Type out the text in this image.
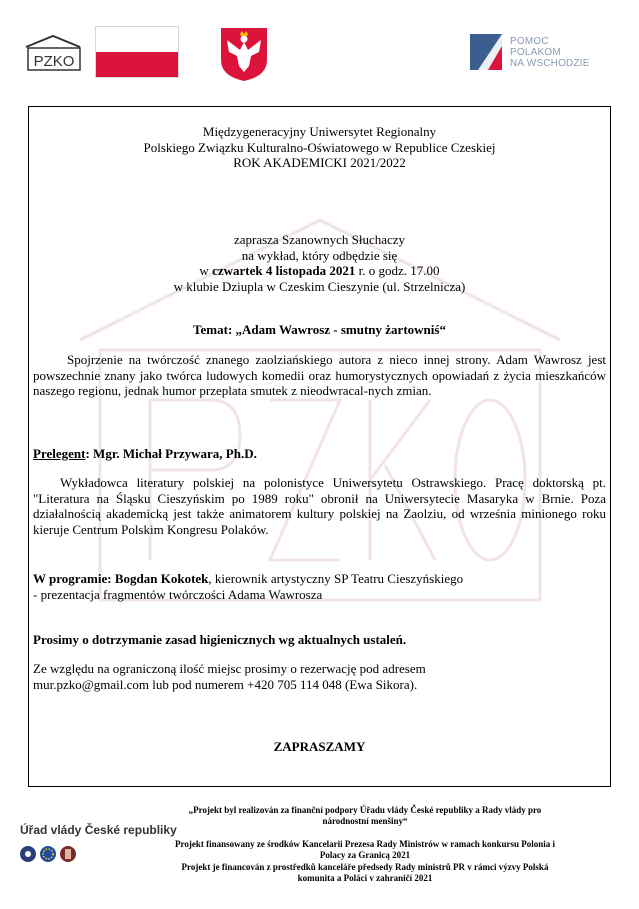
PZKO
POMOC
POLAKOM
NA WSCHODZIE
Międzygeneracyjny Uniwersytet Regionalny
Polskiego Związku Kulturalno-Oświatowego w Republice Czeskiej
ROK AKADEMICKI 2021/2022
zaprasza Szanownych Słuchaczy
na wykład, który odbędzie się
w czwartek 4 listopada 2021 r. o godz. 17.00
w klubie Dziupla w Czeskim Cieszynie (ul. Strzelnicza)
Temat: „Adam Wawrosz - smutny żartowniś“
Spojrzenie na twórczość znanego zaolziańskiego autora z nieco innej strony. Adam Wawrosz jest powszechnie znany jako twórca ludowych komedii oraz humorystycznych opowiadań z życia mieszkańców naszego regionu, jednak humor przeplata smutek z nieodwracal-nych zmian.
Prelegent: Mgr. Michał Przywara, Ph.D.
Wykładowca literatury polskiej na polonistyce Uniwersytetu Ostrawskiego. Pracę doktorską pt. "Literatura na Śląsku Cieszyńskim po 1989 roku" obronił na Uniwersytecie Masaryka w Brnie. Poza działalnością akademicką jest także animatorem kultury polskiej na Zaolziu, od września minionego roku kieruje Centrum Polskim Kongresu Polaków.
W programie: Bogdan Kokotek, kierownik artystyczny SP Teatru Cieszyńskiego
- prezentacja fragmentów twórczości Adama Wawrosza
Prosimy o dotrzymanie zasad higienicznych wg aktualnych ustaleń.
Ze względu na ograniczoną ilość miejsc prosimy o rezerwację pod adresem
mur.pzko@gmail.com lub pod numerem +420 705 114 048 (Ewa Sikora).
ZAPRASZAMY
Úřad vlády České republiky
„Projekt byl realizován za finanční podpory Úřadu vlády České republiky a Rady vlády pro národnostní menšiny“
Projekt finansowany ze środków Kancelarii Prezesa Rady Ministrów w ramach konkursu Polonia i Polacy za Granicą 2021
Projekt je financován z prostředků kanceláře předsedy Rady ministrů PR v rámci výzvy Polská komunita a Poláci v zahraničí 2021
